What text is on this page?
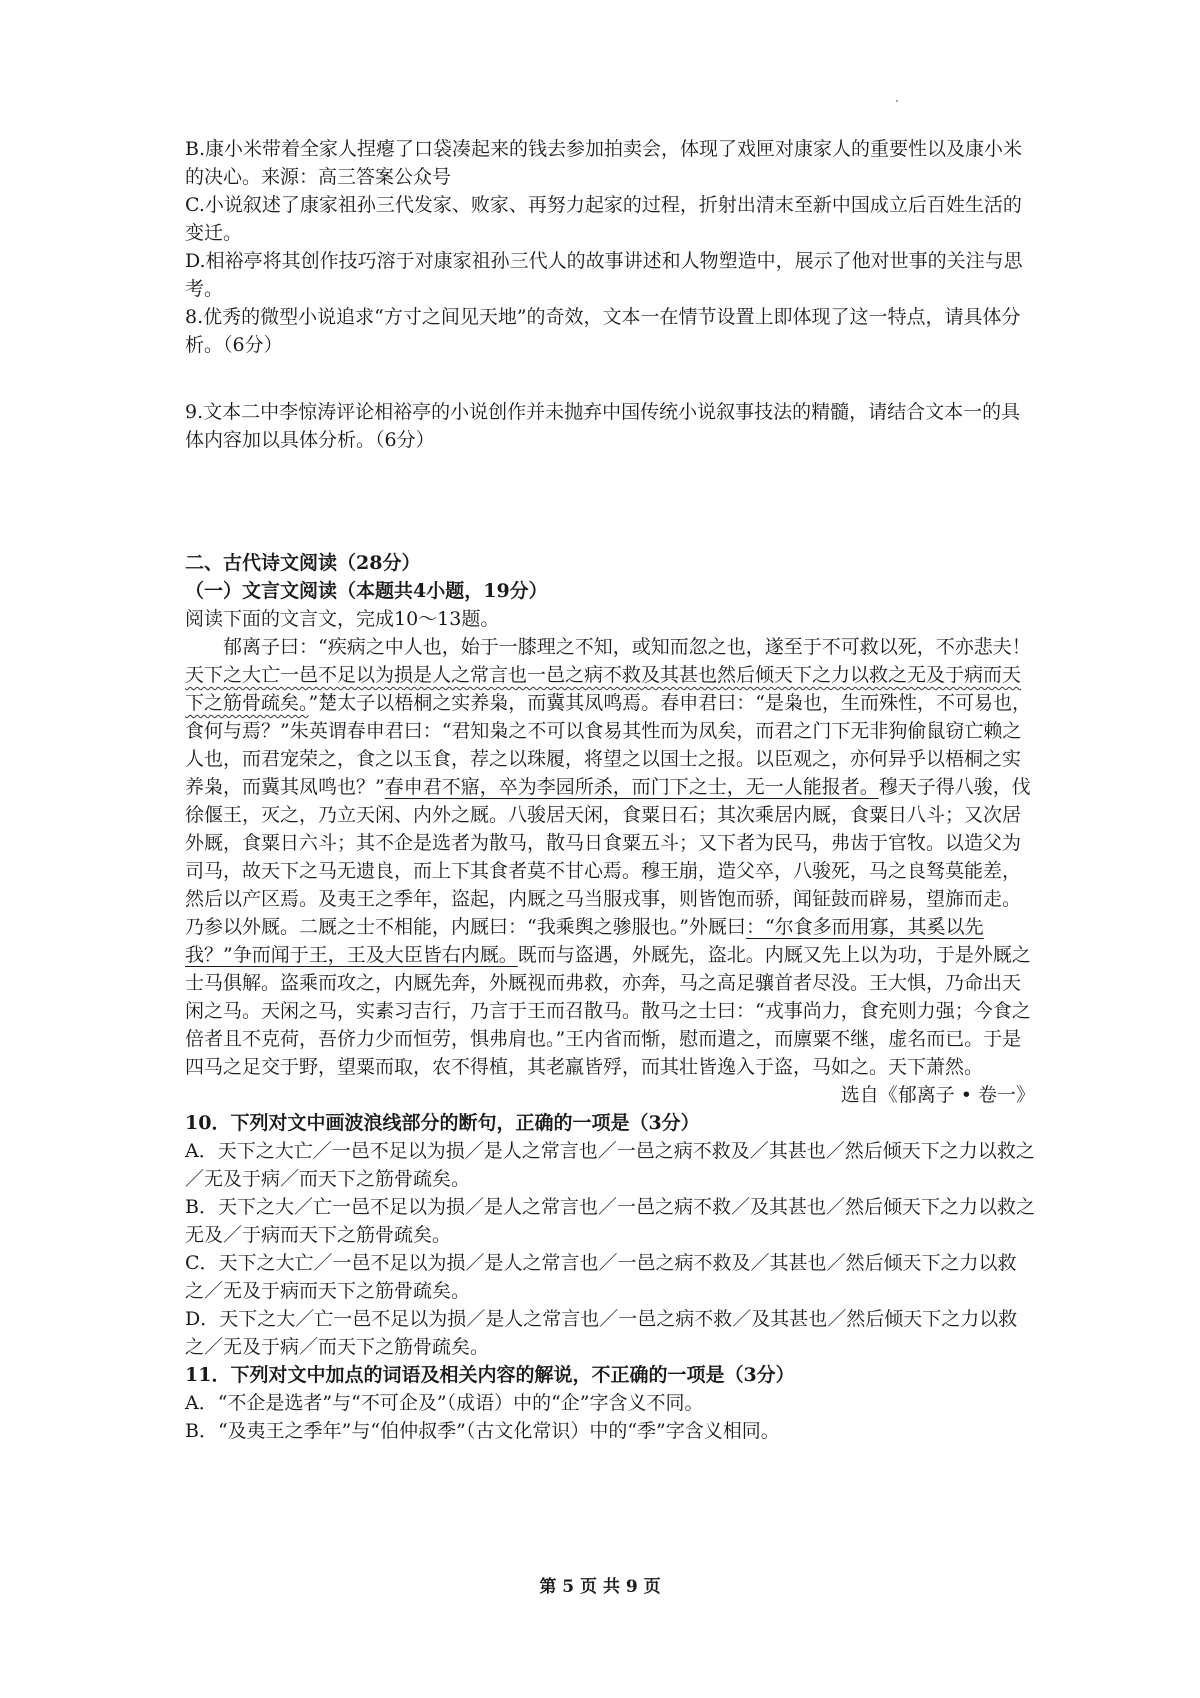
B.康小米带着全家人捏瘪了口袋凑起来的钱去参加拍卖会，体现了戏匣对康家人的重要性以及康小米的决心。来源：高三答案公众号

C.小说叙述了康家祖孙三代发家、败家、再努力起家的过程，折射出清末至新中国成立后百姓生活的变迁。

D.相裕亭将其创作技巧溶于对康家祖孙三代人的故事讲述和人物塑造中，展示了他对世事的关注与思考。

8.优秀的微型小说追求“方寸之间见天地”的奇效，文本一在情节设置上即体现了这一特点，请具体分析。（6分）

9.文本二中李惊涛评论相裕亭的小说创作并未抛弃中国传统小说叙事技法的精髓，请结合文本一的具体内容加以具体分析。（6分）

二、古代诗文阅读（28分）

（一）文言文阅读（本题共4小题，19分）

阅读下面的文言文，完成10～13题。

郁离子曰：“疾病之中人也，始于一膝理之不知，或知而忽之也，遂至于不可救以死，不亦悲夫！天下之大亡一邑不足以为损是人之常言也一邑之病不救及其甚也然后倾天下之力以救之无及于病而天下之筋骨疏矣。”楚太子以梧桐之实养枭，而冀其凤鸣焉。春申君曰：“是枭也，生而殊性，不可易也，食何与焉？”朱英谓春申君曰：“君知枭之不可以食易其性而为凤矣，而君之门下无非狗偷鼠窃亡赖之人也，而君宠荣之，食之以玉食，荐之以珠履，将望之以国士之报。以臣观之，亦何异乎以梧桐之实养枭，而冀其凤鸣也？”春申君不寤，卒为李园所杀，而门下之士，无一人能报者。穆天子得八骏，伐徐偃王，灭之，乃立天闲、内外之厩。八骏居天闲，食粟日石；其次乘居内厩，食粟日八斗；又次居外厩，食粟日六斗；其不企是选者为散马，散马日食粟五斗；又下者为民马，弗齿于官牧。以造父为司马，故天下之马无遗良，而上下其食者莫不甘心焉。穆王崩，造父卒，八骏死，马之良驽莫能差，然后以产区焉。及夷王之季年，盗起，内厩之马当服戎事，则皆饱而骄，闻钲鼓而辟易，望旆而走。乃参以外厩。二厩之士不相能，内厩曰：“我乘舆之骖服也。”外厩曰：“尔食多而用寡，其奚以先我？”争而闻于王，王及大臣皆右内厩。既而与盗遇，外厩先，盗北。内厩又先上以为功，于是外厩之士马俱解。盗乘而攻之，内厩先奔，外厩视而弗救，亦奔，马之高足骧首者尽没。王大惧，乃命出天闲之马。天闲之马，实素习吉行，乃言于王而召散马。散马之士曰：“戎事尚力，食充则力强；今食之倍者且不克荷，吾侪力少而恒劳，惧弗肩也。”王内省而惭，慰而遣之，而廪粟不继，虚名而已。于是四马之足交于野，望粟而取，农不得植，其老羸皆殍，而其壮皆逸入于盗，马如之。天下萧然。

选自《郁离子 • 卷一》

10．下列对文中画波浪线部分的断句，正确的一项是（3分）

A．天下之大亡／一邑不足以为损／是人之常言也／一邑之病不救及／其甚也／然后倾天下之力以救之／无及于病／而天下之筋骨疏矣。

B．天下之大／亡一邑不足以为损／是人之常言也／一邑之病不救／及其甚也／然后倾天下之力以救之无及／于病而天下之筋骨疏矣。

C．天下之大亡／一邑不足以为损／是人之常言也／一邑之病不救及／其甚也／然后倾天下之力以救之／无及于病而天下之筋骨疏矣。

D．天下之大／亡一邑不足以为损／是人之常言也／一邑之病不救／及其甚也／然后倾天下之力以救之／无及于病／而天下之筋骨疏矣。

11．下列对文中加点的词语及相关内容的解说，不正确的一项是（3分）

A．“不企是选者”与“不可企及”（成语）中的“企”字含义不同。

B．“及夷王之季年”与“伯仲叔季”（古文化常识）中的“季”字含义相同。

第 5 页 共 9 页
